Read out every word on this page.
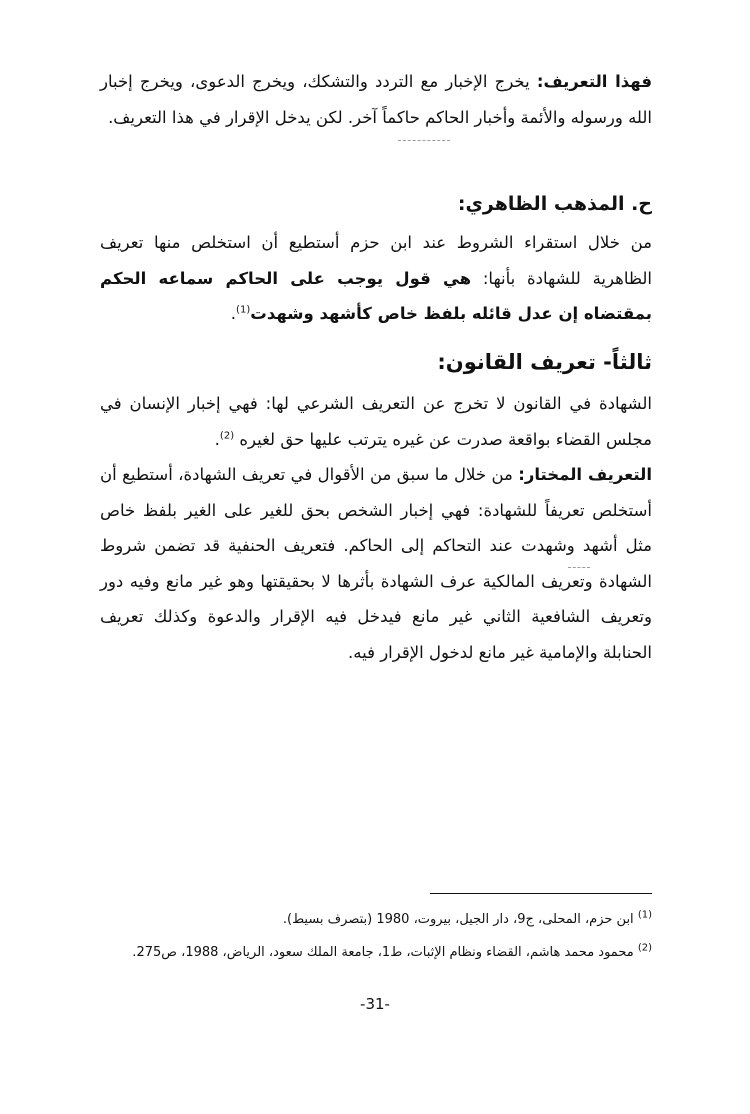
فهذا التعريف: يخرج الإخبار مع التردد والتشكك، ويخرج الدعوى، ويخرج إخبار الله ورسوله والأئمة وأخبار الحاكم حاكماً آخر. لكن يدخل الإقرار في هذا التعريف.

ح. المذهب الظاهري:

من خلال استقراء الشروط عند ابن حزم أستطيع أن استخلص منها تعريف الظاهرية للشهادة بأنها: هي قول يوجب على الحاكم سماعه الحكم بمقتضاه إن عدل قائله بلفظ خاص كأشهد وشهدت$^{(1)}$.

ثالثاً- تعريف القانون:

الشهادة في القانون لا تخرج عن التعريف الشرعي لها: فهي إخبار الإنسان في مجلس القضاء بواقعة صدرت عن غيره يترتب عليها حق لغيره $^{(2)}$.

التعريف المختار: من خلال ما سبق من الأقوال في تعريف الشهادة، أستطيع أن أستخلص تعريفاً للشهادة: فهي إخبار الشخص بحق للغير على الغير بلفظ خاص مثل أشهد وشهدت عند التحاكم إلى الحاكم. فتعريف الحنفية قد تضمن شروط الشهادة وتعريف المالكية عرف الشهادة بأثرها لا بحقيقتها وهو غير مانع وفيه دور وتعريف الشافعية الثاني غير مانع فيدخل فيه الإقرار والدعوة وكذلك تعريف الحنابلة والإمامية غير مانع لدخول الإقرار فيه.

$^{(1)}$ ابن حزم، المحلى، ج9، دار الجيل، بيروت، 1980 (بتصرف بسيط).

$^{(2)}$ محمود محمد هاشم، القضاء ونظام الإثبات، ط1، جامعة الملك سعود، الرياض، 1988، ص275.

-31-
